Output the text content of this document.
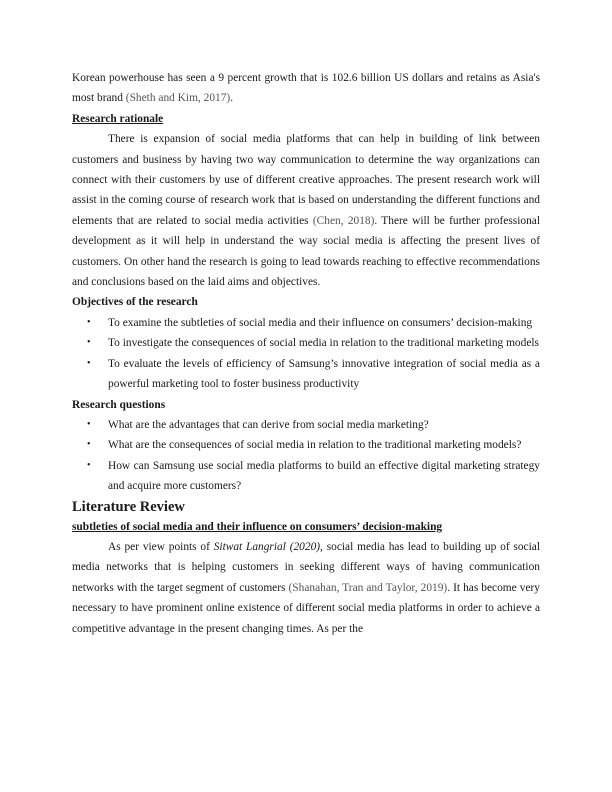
Korean powerhouse has seen a 9 percent growth that is 102.6 billion US dollars and retains as Asia's most brand (Sheth and Kim, 2017).

Research rationale

There is expansion of social media platforms that can help in building of link between customers and business by having two way communication to determine the way organizations can connect with their customers by use of different creative approaches. The present research work will assist in the coming course of research work that is based on understanding the different functions and elements that are related to social media activities (Chen, 2018). There will be further professional development as it will help in understand the way social media is affecting the present lives of customers. On other hand the research is going to lead towards reaching to effective recommendations and conclusions based on the laid aims and objectives.

Objectives of the research

• To examine the subtleties of social media and their influence on consumers’ decision-making
• To investigate the consequences of social media in relation to the traditional marketing models
• To evaluate the levels of efficiency of Samsung’s innovative integration of social media as a powerful marketing tool to foster business productivity

Research questions

• What are the advantages that can derive from social media marketing?
• What are the consequences of social media in relation to the traditional marketing models?
• How can Samsung use social media platforms to build an effective digital marketing strategy and acquire more customers?

Literature Review

subtleties of social media and their influence on consumers’ decision-making

As per view points of Sitwat Langrial (2020), social media has lead to building up of social media networks that is helping customers in seeking different ways of having communication networks with the target segment of customers (Shanahan, Tran and Taylor, 2019). It has become very necessary to have prominent online existence of different social media platforms in order to achieve a competitive advantage in the present changing times. As per the
